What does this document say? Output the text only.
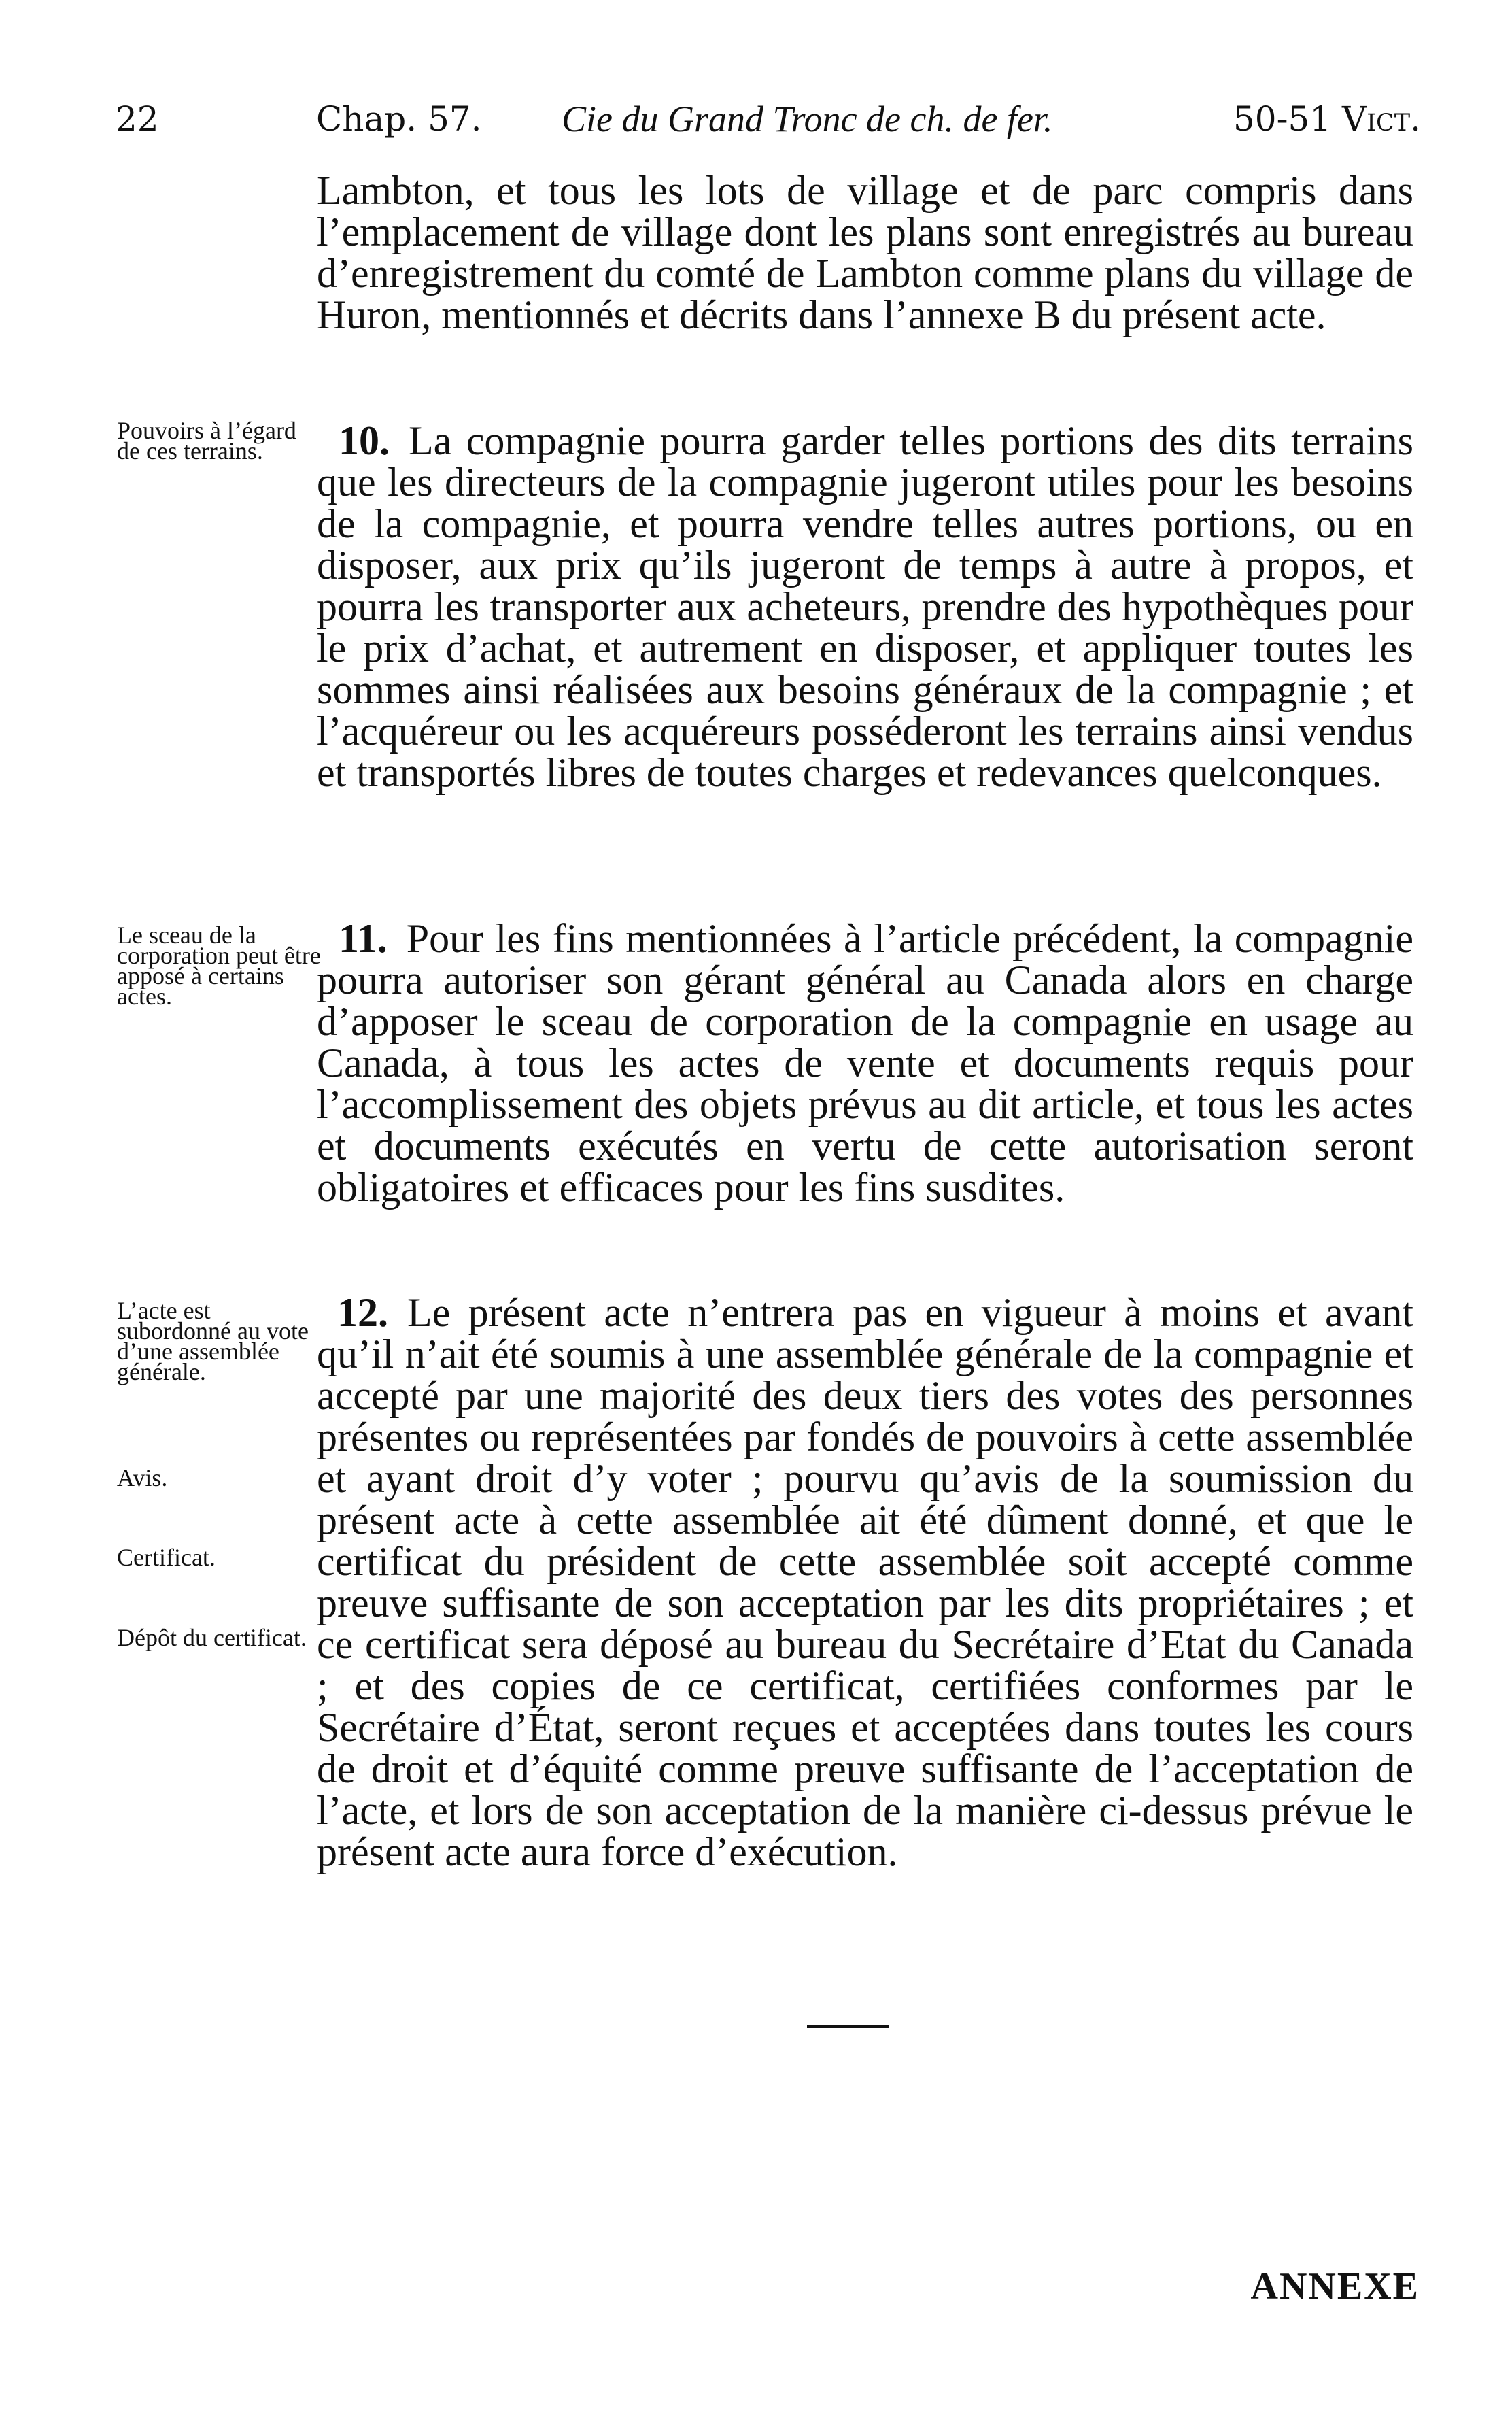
22	Chap. 57. Cie du Grand Tronc de ch. de fer.	50-51 Vict.
Lambton, et tous les lots de village et de parc compris dans l’emplacement de village dont les plans sont enregistrés au bureau d’enregistrement du comté de Lambton comme plans du village de Huron, mentionnés et décrits dans l’annexe B du présent acte.
10. La compagnie pourra garder telles portions des dits terrains que les directeurs de la compagnie jugeront utiles pour les besoins de la compagnie, et pourra vendre telles autres portions, ou en disposer, aux prix qu’ils jugeront de temps à autre à propos, et pourra les transporter aux acheteurs, prendre des hypothèques pour le prix d’achat, et autrement en disposer, et appliquer toutes les sommes ainsi réalisées aux besoins généraux de la compagnie ; et l’acquéreur ou les acquéreurs posséderont les terrains ainsi vendus et transportés libres de toutes charges et redevances quelconques.
11. Pour les fins mentionnées à l’article précédent, la compagnie pourra autoriser son gérant général au Canada alors en charge d’apposer le sceau de corporation de la compagnie en usage au Canada, à tous les actes de vente et documents requis pour l’accomplissement des objets prévus au dit article, et tous les actes et documents exécutés en vertu de cette autorisation seront obligatoires et efficaces pour les fins susdites.
12. Le présent acte n’entrera pas en vigueur à moins et avant qu’il n’ait été soumis à une assemblée générale de la compagnie et accepté par une majorité des deux tiers des votes des personnes présentes ou représentées par fondés de pouvoirs à cette assemblée et ayant droit d’y voter ; pourvu qu’avis de la soumission du présent acte à cette assemblée ait été dûment donné, et que le certificat du président de cette assemblée soit accepté comme preuve suffisante de son acceptation par les dits propriétaires ; et ce certificat sera déposé au bureau du Secrétaire d’Etat du Canada ; et des copies de ce certificat, certifiées conformes par le Secrétaire d’État, seront reçues et acceptées dans toutes les cours de droit et d’équité comme preuve suffisante de l’acceptation de l’acte, et lors de son acceptation de la manière ci-dessus prévue le présent acte aura force d’exécution.
Pouvoirs à l’égard de ces terrains.
Le sceau de la corporation peut être apposé à certains actes.
L’acte est subordonné au vote d’une assemblée générale.
Avis.
Certificat.
Dépôt du certificat.
ANNEXE
